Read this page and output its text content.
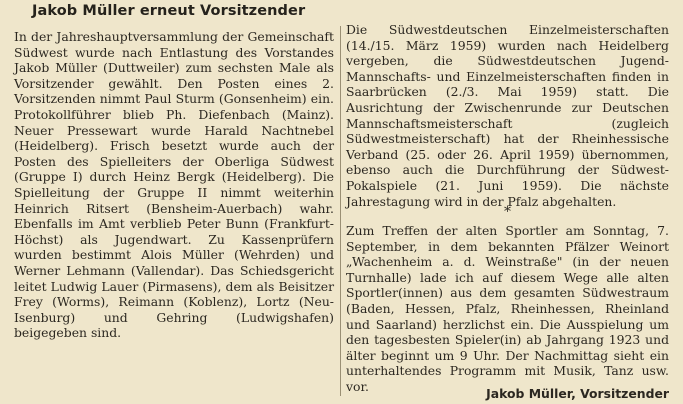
Jakob Müller erneut Vorsitzender

In der Jahreshauptversammlung der Gemeinschaft Südwest wurde nach Entlastung des Vorstandes Jakob Müller (Duttweiler) zum sechsten Male als Vorsitzender gewählt. Den Posten eines 2. Vorsitzenden nimmt Paul Sturm (Gonsenheim) ein. Protokollführer blieb Ph. Diefenbach (Mainz). Neuer Pressewart wurde Harald Nachtnebel (Heidelberg). Frisch besetzt wurde auch der Posten des Spielleiters der Oberliga Südwest (Gruppe I) durch Heinz Bergk (Heidelberg). Die Spielleitung der Gruppe II nimmt weiterhin Heinrich Ritsert (Bensheim-Auerbach) wahr. Ebenfalls im Amt verblieb Peter Bunn (Frankfurt-Höchst) als Jugendwart. Zu Kassenprüfern wurden bestimmt Alois Müller (Wehrden) und Werner Lehmann (Vallendar). Das Schiedsgericht leitet Ludwig Lauer (Pirmasens), dem als Beisitzer Frey (Worms), Reimann (Koblenz), Lortz (Neu-Isenburg) und Gehring (Ludwigshafen) beigegeben sind.

Die Südwestdeutschen Einzelmeisterschaften (14./15. März 1959) wurden nach Heidelberg vergeben, die Südwestdeutschen Jugend-Mannschafts- und Einzelmeisterschaften finden in Saarbrücken (2./3. Mai 1959) statt. Die Ausrichtung der Zwischenrunde zur Deutschen Mannschaftsmeisterschaft (zugleich Südwestmeisterschaft) hat der Rheinhessische Verband (25. oder 26. April 1959) übernommen, ebenso auch die Durchführung der Südwest-Pokalspiele (21. Juni 1959). Die nächste Jahrestagung wird in der Pfalz abgehalten.

*

Zum Treffen der alten Sportler am Sonntag, 7. September, in dem bekannten Pfälzer Weinort „Wachenheim a. d. Weinstraße" (in der neuen Turnhalle) lade ich auf diesem Wege alle alten Sportler(innen) aus dem gesamten Südwestraum (Baden, Hessen, Pfalz, Rheinhessen, Rheinland und Saarland) herzlichst ein. Die Ausspielung um den tagesbesten Spieler(in) ab Jahrgang 1923 und älter beginnt um 9 Uhr. Der Nachmittag sieht ein unterhaltendes Programm mit Musik, Tanz usw. vor.	Jakob Müller, Vorsitzender
